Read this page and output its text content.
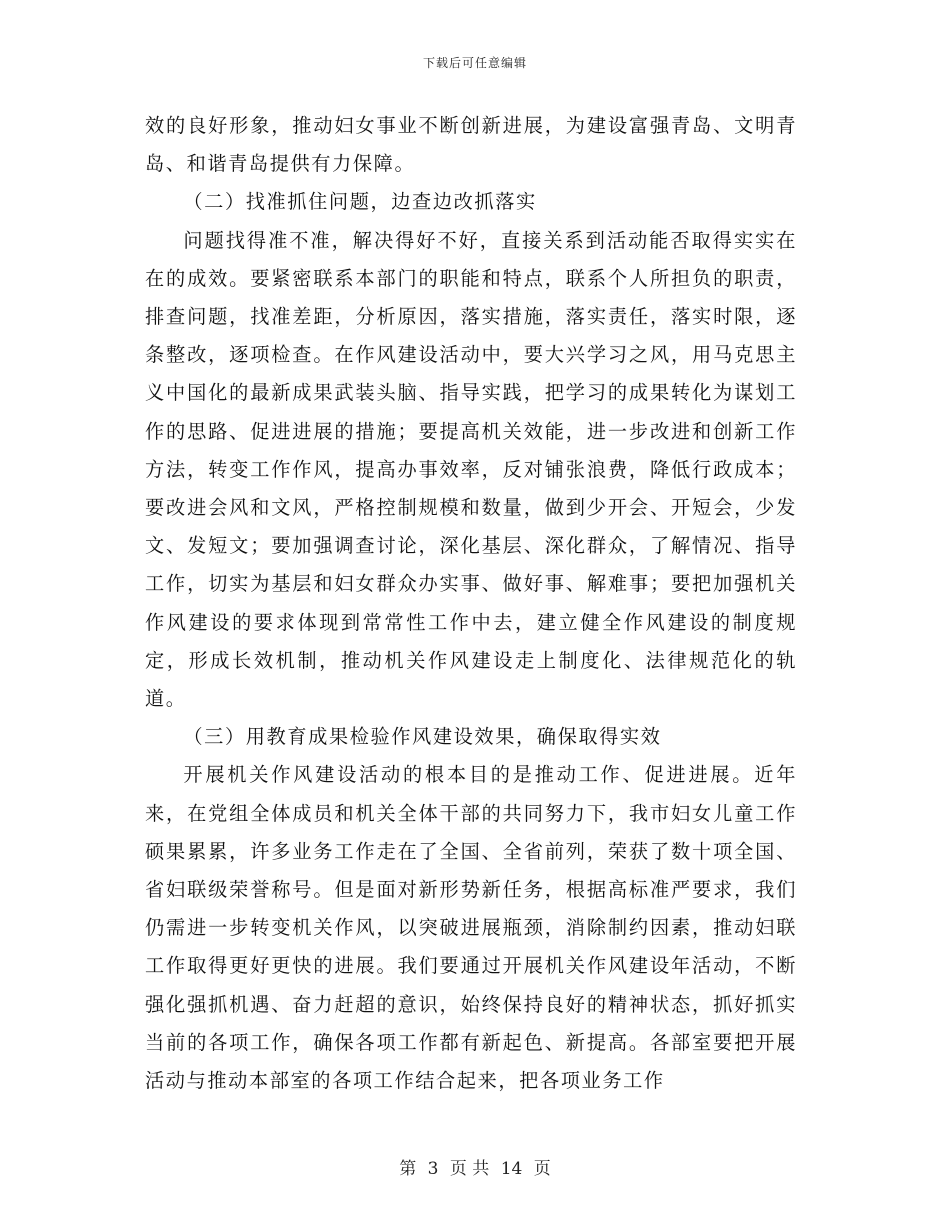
下载后可任意编辑

效的良好形象，推动妇女事业不断创新进展，为建设富强青岛、文明青岛、和谐青岛提供有力保障。

（二）找准抓住问题，边查边改抓落实

问题找得准不准，解决得好不好，直接关系到活动能否取得实实在在的成效。要紧密联系本部门的职能和特点，联系个人所担负的职责，排查问题，找准差距，分析原因，落实措施，落实责任，落实时限，逐条整改，逐项检查。在作风建设活动中，要大兴学习之风，用马克思主义中国化的最新成果武装头脑、指导实践，把学习的成果转化为谋划工作的思路、促进进展的措施；要提高机关效能，进一步改进和创新工作方法，转变工作作风，提高办事效率，反对铺张浪费，降低行政成本；要改进会风和文风，严格控制规模和数量，做到少开会、开短会，少发文、发短文；要加强调查讨论，深化基层、深化群众，了解情况、指导工作，切实为基层和妇女群众办实事、做好事、解难事；要把加强机关作风建设的要求体现到常常性工作中去，建立健全作风建设的制度规定，形成长效机制，推动机关作风建设走上制度化、法律规范化的轨道。

（三）用教育成果检验作风建设效果，确保取得实效

开展机关作风建设活动的根本目的是推动工作、促进进展。近年来，在党组全体成员和机关全体干部的共同努力下，我市妇女儿童工作硕果累累，许多业务工作走在了全国、全省前列，荣获了数十项全国、省妇联级荣誉称号。但是面对新形势新任务，根据高标准严要求，我们仍需进一步转变机关作风，以突破进展瓶颈，消除制约因素，推动妇联工作取得更好更快的进展。我们要通过开展机关作风建设年活动，不断强化强抓机遇、奋力赶超的意识，始终保持良好的精神状态，抓好抓实当前的各项工作，确保各项工作都有新起色、新提高。各部室要把开展活动与推动本部室的各项工作结合起来，把各项业务工作

第 3 页 共 14 页
